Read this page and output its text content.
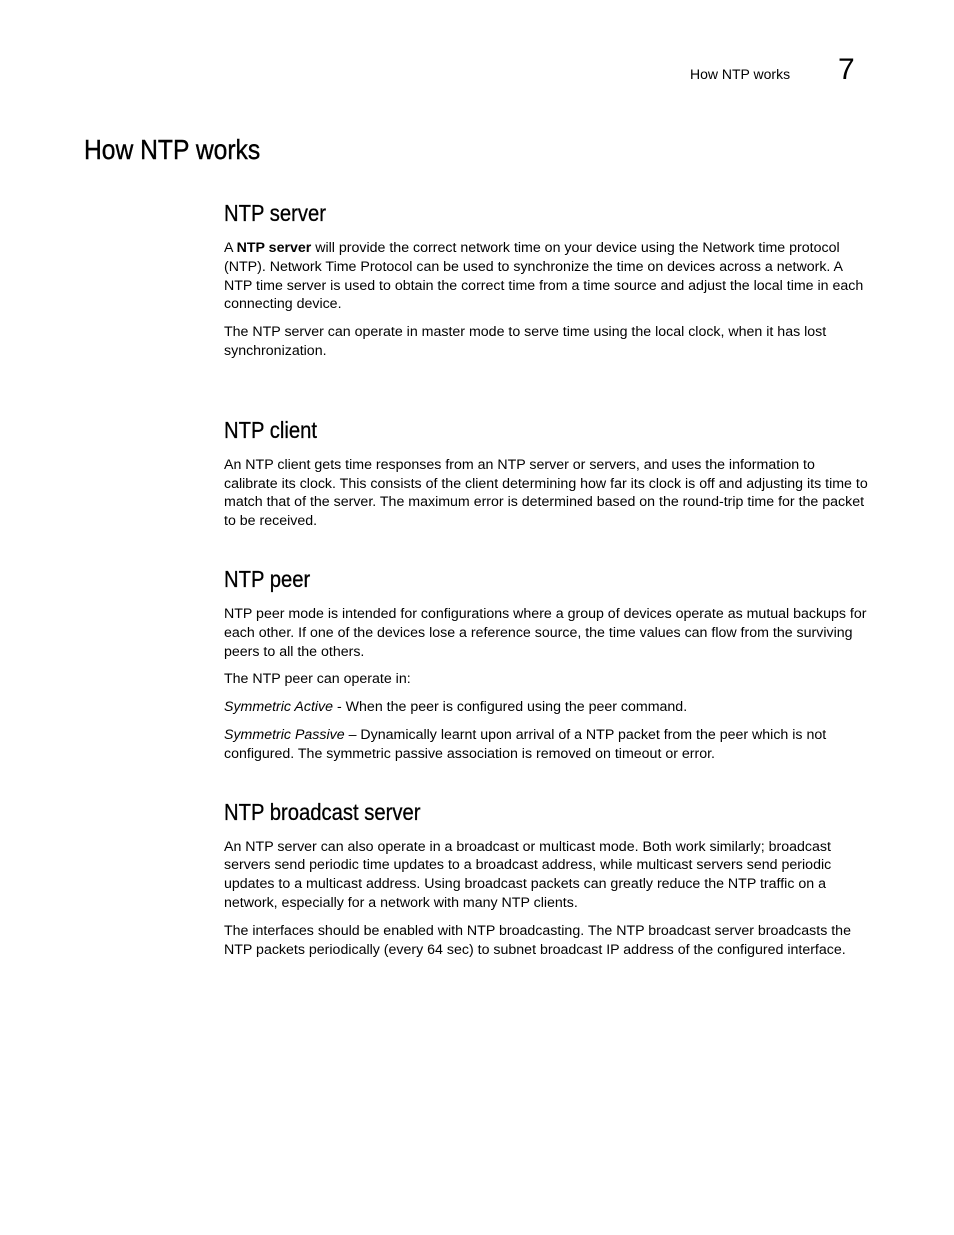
How NTP works 7
How NTP works
NTP server

A NTP server will provide the correct network time on your device using the Network time protocol (NTP). Network Time Protocol can be used to synchronize the time on devices across a network. A NTP time server is used to obtain the correct time from a time source and adjust the local time in each connecting device.

The NTP server can operate in master mode to serve time using the local clock, when it has lost synchronization.

NTP client

An NTP client gets time responses from an NTP server or servers, and uses the information to calibrate its clock. This consists of the client determining how far its clock is off and adjusting its time to match that of the server. The maximum error is determined based on the round-trip time for the packet to be received.

NTP peer

NTP peer mode is intended for configurations where a group of devices operate as mutual backups for each other. If one of the devices lose a reference source, the time values can flow from the surviving peers to all the others.

The NTP peer can operate in:

Symmetric Active - When the peer is configured using the peer command.

Symmetric Passive – Dynamically learnt upon arrival of a NTP packet from the peer which is not configured. The symmetric passive association is removed on timeout or error.

NTP broadcast server

An NTP server can also operate in a broadcast or multicast mode. Both work similarly; broadcast servers send periodic time updates to a broadcast address, while multicast servers send periodic updates to a multicast address. Using broadcast packets can greatly reduce the NTP traffic on a network, especially for a network with many NTP clients.

The interfaces should be enabled with NTP broadcasting. The NTP broadcast server broadcasts the NTP packets periodically (every 64 sec) to subnet broadcast IP address of the configured interface.
